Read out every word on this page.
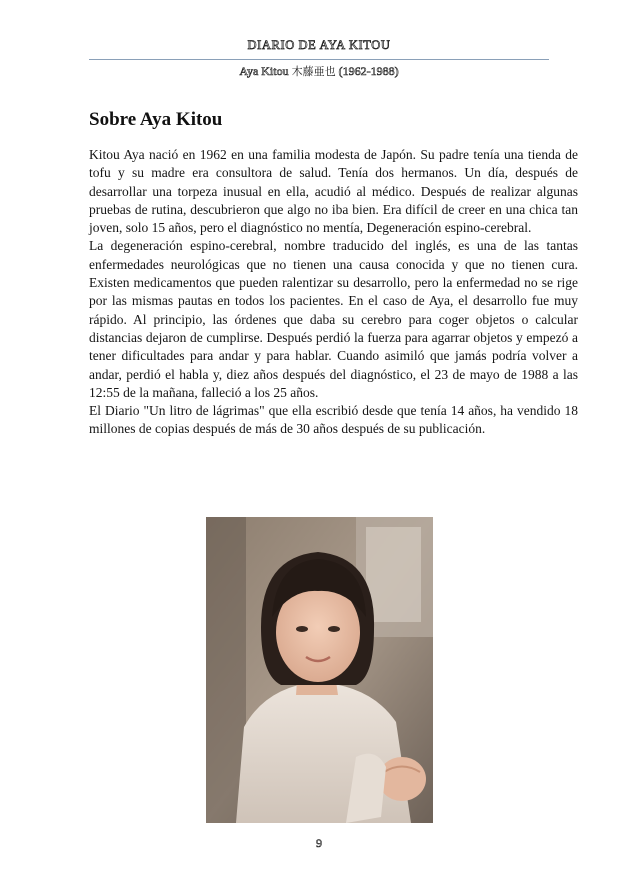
DIARIO DE AYA KITOU
Aya Kitou 木藤亜也 (1962-1988)
Sobre Aya Kitou

Kitou Aya nació en 1962 en una familia modesta de Japón. Su padre tenía una tienda de tofu y su madre era consultora de salud. Tenía dos hermanos. Un día, después de desarrollar una torpeza inusual en ella, acudió al médico. Después de realizar algunas pruebas de rutina, descubrieron que algo no iba bien. Era difícil de creer en una chica tan joven, solo 15 años, pero el diagnóstico no mentía, Degeneración espino-cerebral.

La degeneración espino-cerebral, nombre traducido del inglés, es una de las tantas enfermedades neurológicas que no tienen una causa conocida y que no tienen cura. Existen medicamentos que pueden ralentizar su desarrollo, pero la enfermedad no se rige por las mismas pautas en todos los pacientes. En el caso de Aya, el desarrollo fue muy rápido. Al principio, las órdenes que daba su cerebro para coger objetos o calcular distancias dejaron de cumplirse. Después perdió la fuerza para agarrar objetos y empezó a tener dificultades para andar y para hablar. Cuando asimiló que jamás podría volver a andar, perdió el habla y, diez años después del diagnóstico, el 23 de mayo de 1988 a las 12:55 de la mañana, falleció a los 25 años.

El Diario "Un litro de lágrimas" que ella escribió desde que tenía 14 años, ha vendido 18 millones de copias después de más de 30 años después de su publicación.

9
